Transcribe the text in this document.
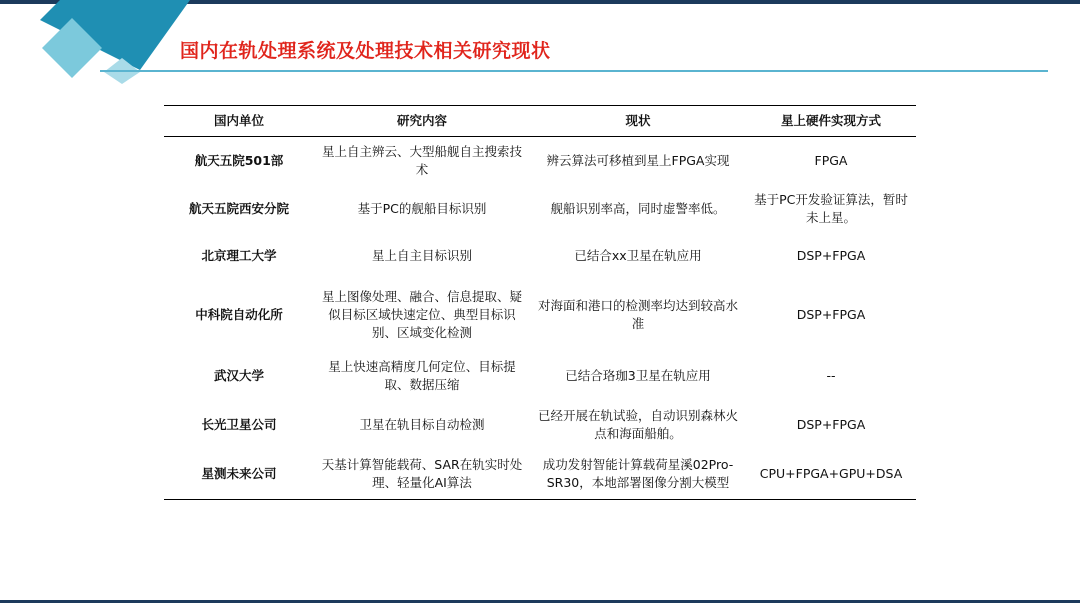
国内在轨处理系统及处理技术相关研究现状
国内单位	研究内容	现状	星上硬件实现方式
航天五院501部	星上自主辨云、大型船舰自主搜索技术	辨云算法可移植到星上FPGA实现	FPGA
航天五院西安分院	基于PC的舰船目标识别	舰船识别率高，同时虚警率低。	基于PC开发验证算法，暂时未上星。
北京理工大学	星上自主目标识别	已结合xx卫星在轨应用	DSP+FPGA
中科院自动化所	星上图像处理、融合、信息提取、疑似目标区域快速定位、典型目标识别、区域变化检测	对海面和港口的检测率均达到较高水准	DSP+FPGA
武汉大学	星上快速高精度几何定位、目标提取、数据压缩	已结合珞珈3卫星在轨应用	--
长光卫星公司	卫星在轨目标自动检测	已经开展在轨试验，自动识别森林火点和海面船舶。	DSP+FPGA
星测未来公司	天基计算智能载荷、SAR在轨实时处理、轻量化AI算法	成功发射智能计算载荷星溪02Pro-SR30，本地部署图像分割大模型	CPU+FPGA+GPU+DSA
